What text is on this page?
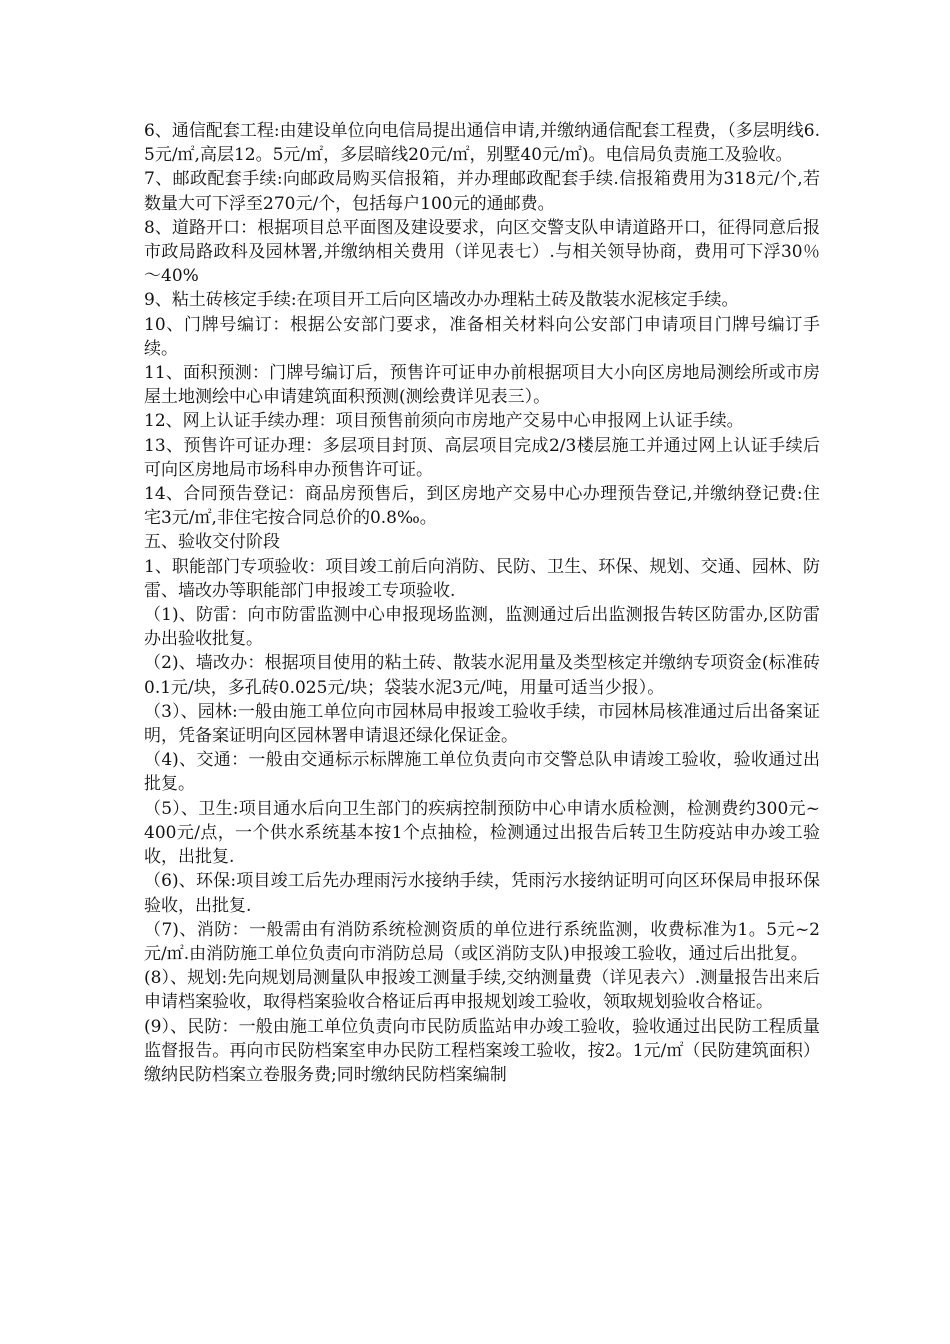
6、通信配套工程:由建设单位向电信局提出通信申请,并缴纳通信配套工程费，（多层明线6.5元/㎡,高层12。5元/㎡，多层暗线20元/㎡，别墅40元/㎡)。电信局负责施工及验收。

7、邮政配套手续:向邮政局购买信报箱，并办理邮政配套手续.信报箱费用为318元/个,若数量大可下浮至270元/个，包括每户100元的通邮费。

8、道路开口：根据项目总平面图及建设要求，向区交警支队申请道路开口，征得同意后报市政局路政科及园林署,并缴纳相关费用（详见表七）.与相关领导协商，费用可下浮30％～40%

9、粘土砖核定手续:在项目开工后向区墙改办办理粘土砖及散装水泥核定手续。

10、门牌号编订：根据公安部门要求，准备相关材料向公安部门申请项目门牌号编订手续。

11、面积预测：门牌号编订后，预售许可证申办前根据项目大小向区房地局测绘所或市房屋土地测绘中心申请建筑面积预测(测绘费详见表三）。

12、网上认证手续办理：项目预售前须向市房地产交易中心申报网上认证手续。

13、预售许可证办理：多层项目封顶、高层项目完成2/3楼层施工并通过网上认证手续后可向区房地局市场科申办预售许可证。

14、合同预告登记：商品房预售后，到区房地产交易中心办理预告登记,并缴纳登记费:住宅3元/㎡,非住宅按合同总价的0.8‰。

五、验收交付阶段

1、职能部门专项验收：项目竣工前后向消防、民防、卫生、环保、规划、交通、园林、防雷、墙改办等职能部门申报竣工专项验收.

（1)、防雷：向市防雷监测中心申报现场监测，监测通过后出监测报告转区防雷办,区防雷办出验收批复。

（2)、墙改办：根据项目使用的粘土砖、散装水泥用量及类型核定并缴纳专项资金(标准砖0.1元/块，多孔砖0.025元/块；袋装水泥3元/吨，用量可适当少报）。

（3）、园林:一般由施工单位向市园林局申报竣工验收手续，市园林局核准通过后出备案证明，凭备案证明向区园林署申请退还绿化保证金。

（4)、交通：一般由交通标示标牌施工单位负责向市交警总队申请竣工验收，验收通过出批复。

（5）、卫生:项目通水后向卫生部门的疾病控制预防中心申请水质检测，检测费约300元~400元/点，一个供水系统基本按1个点抽检，检测通过出报告后转卫生防疫站申办竣工验收，出批复.

（6)、环保:项目竣工后先办理雨污水接纳手续，凭雨污水接纳证明可向区环保局申报环保验收，出批复.

（7)、消防：一般需由有消防系统检测资质的单位进行系统监测，收费标准为1。5元~2元/㎡.由消防施工单位负责向市消防总局（或区消防支队)申报竣工验收，通过后出批复。

(8）、规划:先向规划局测量队申报竣工测量手续,交纳测量费（详见表六）.测量报告出来后申请档案验收，取得档案验收合格证后再申报规划竣工验收，领取规划验收合格证。

(9）、民防：一般由施工单位负责向市民防质监站申办竣工验收，验收通过出民防工程质量监督报告。再向市民防档案室申办民防工程档案竣工验收，按2。1元/㎡（民防建筑面积）缴纳民防档案立卷服务费;同时缴纳民防档案编制
